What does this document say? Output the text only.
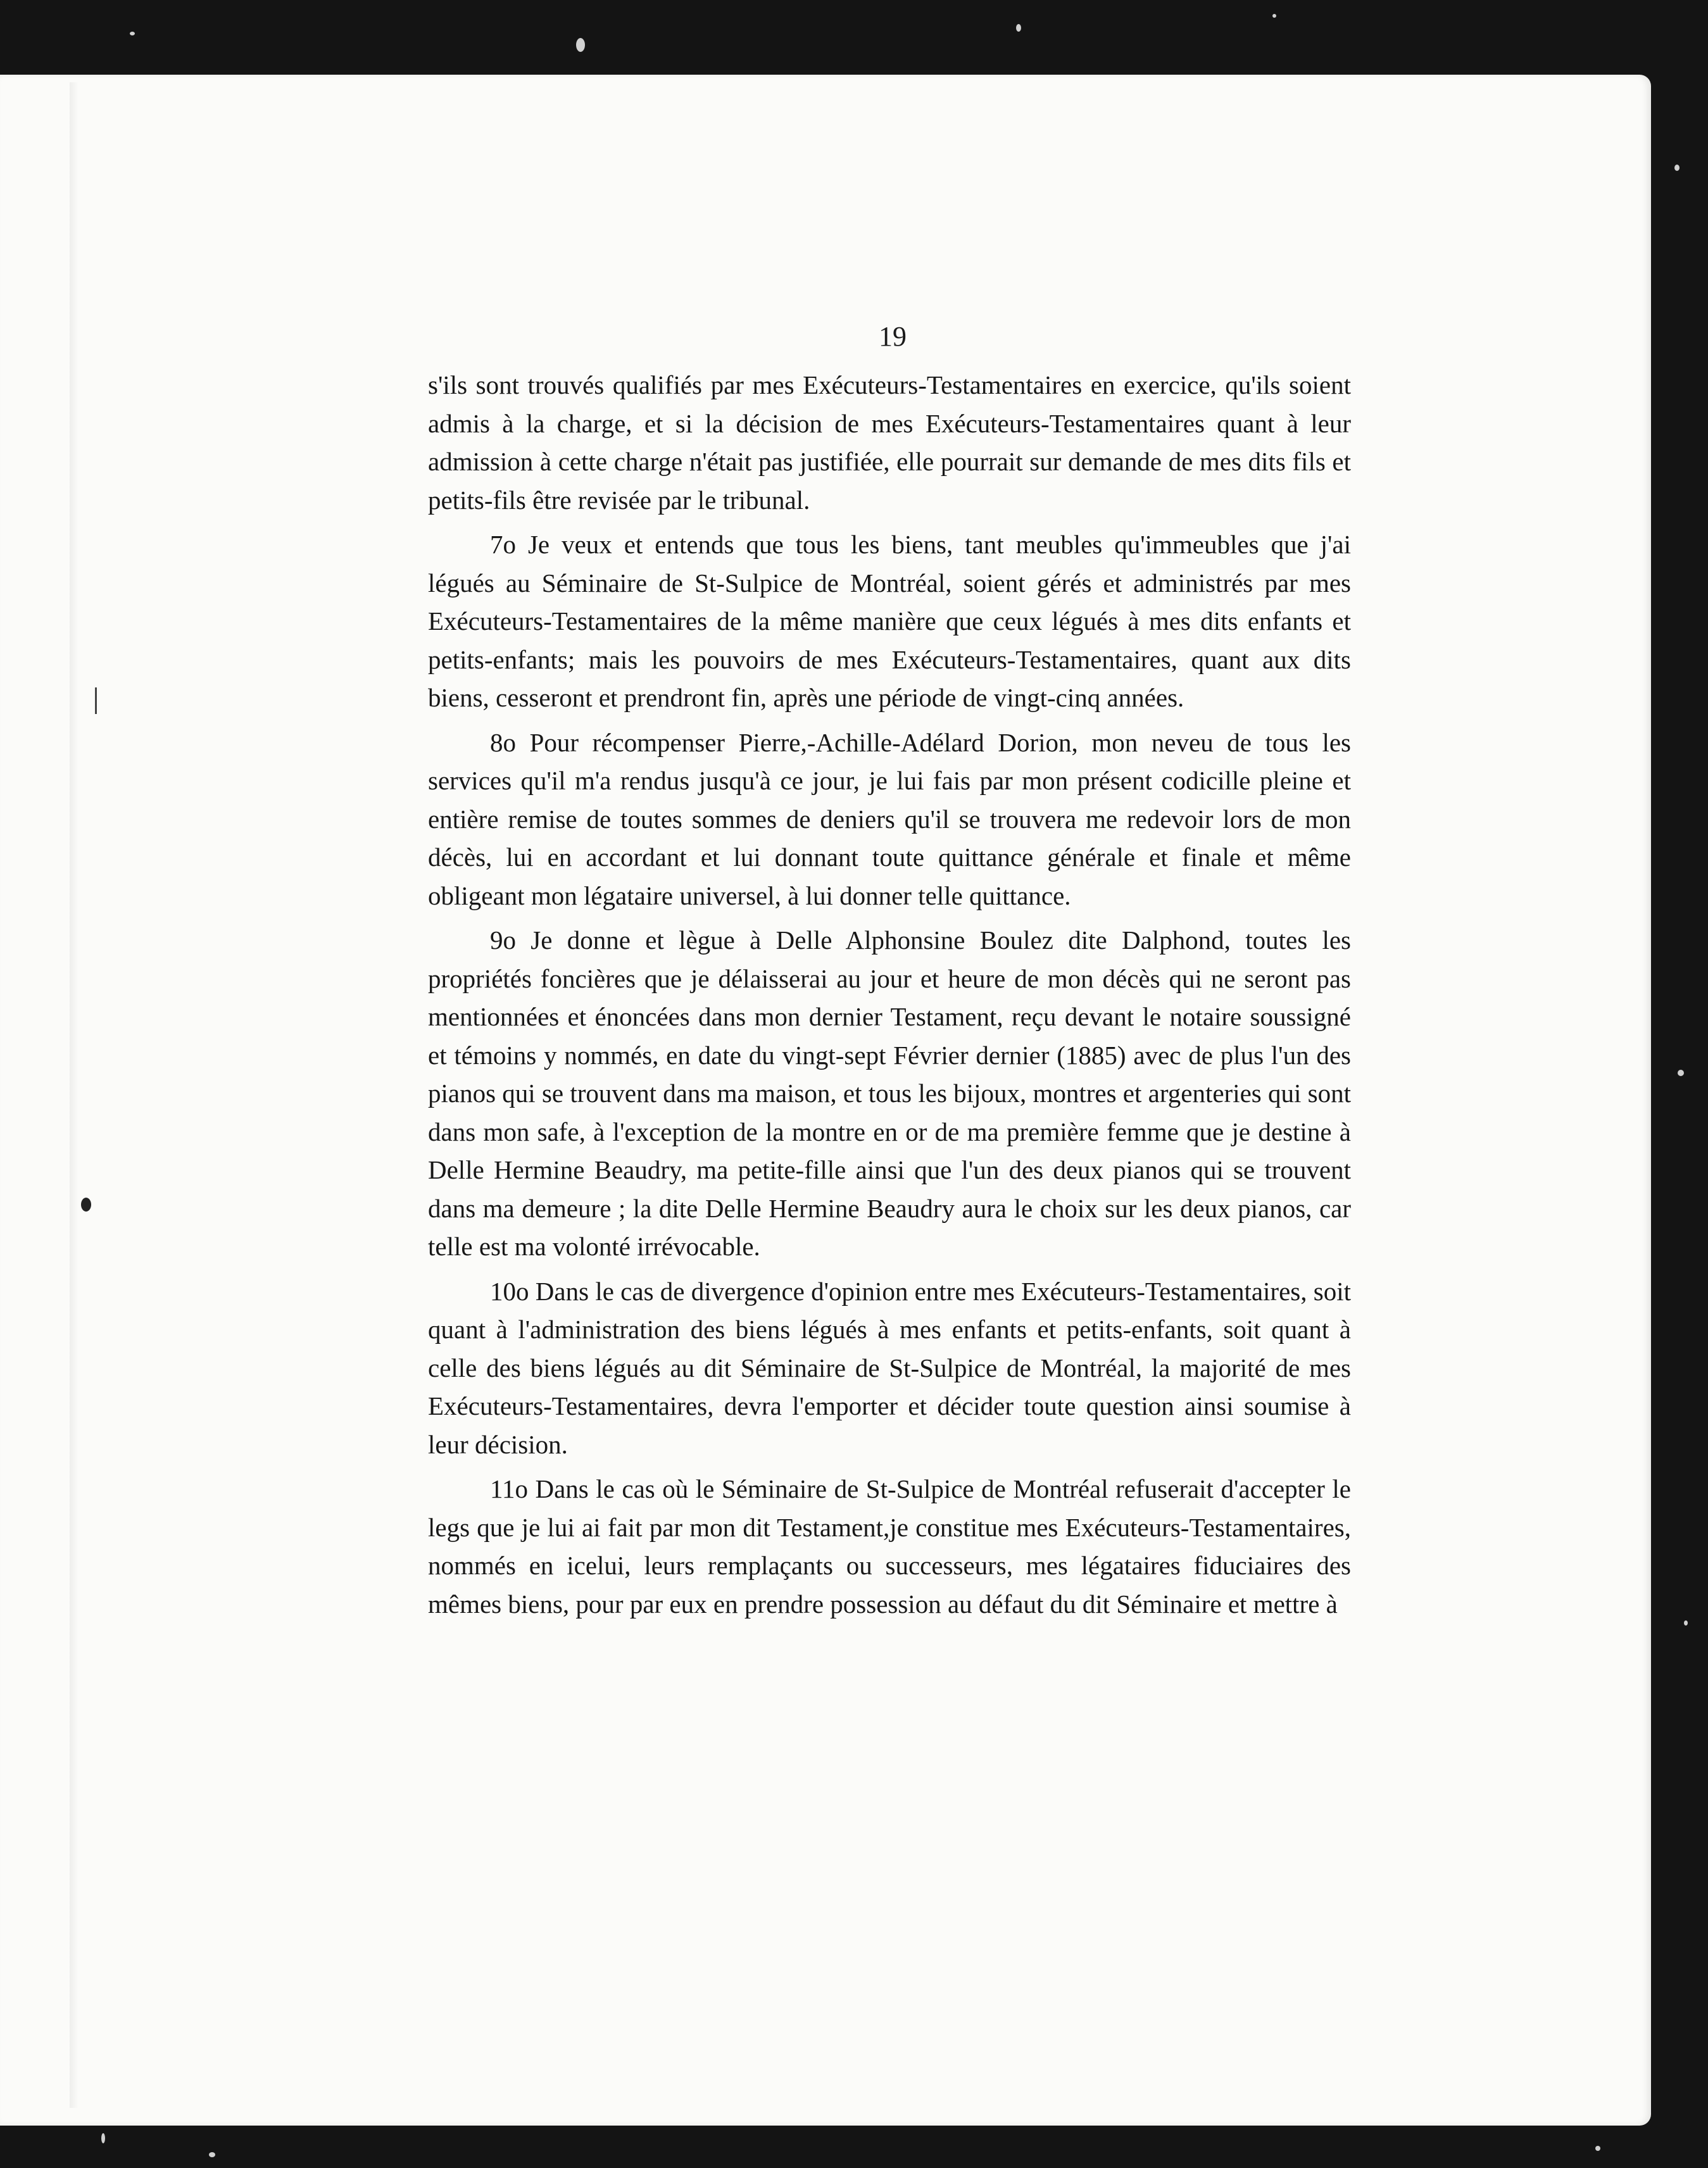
19

s'ils sont trouvés qualifiés par mes Exécuteurs-Testamentaires en exercice, qu'ils soient admis à la charge, et si la décision de mes Exécuteurs-Testamentaires quant à leur admission à cette charge n'était pas justifiée, elle pourrait sur demande de mes dits fils et petits-fils être revisée par le tribunal.

7o Je veux et entends que tous les biens, tant meubles qu'immeubles que j'ai légués au Séminaire de St-Sulpice de Montréal, soient gérés et administrés par mes Exécuteurs-Testamentaires de la même manière que ceux légués à mes dits enfants et petits-enfants; mais les pouvoirs de mes Exécuteurs-Testamentaires, quant aux dits biens, cesseront et prendront fin, après une période de vingt-cinq années.

8o Pour récompenser Pierre,-Achille-Adélard Dorion, mon neveu de tous les services qu'il m'a rendus jusqu'à ce jour, je lui fais par mon présent codicille pleine et entière remise de toutes sommes de deniers qu'il se trouvera me redevoir lors de mon décès, lui en accordant et lui donnant toute quittance générale et finale et même obligeant mon légataire universel, à lui donner telle quittance.

9o Je donne et lègue à Delle Alphonsine Boulez dite Dalphond, toutes les propriétés foncières que je délaisserai au jour et heure de mon décès qui ne seront pas mentionnées et énoncées dans mon dernier Testament, reçu devant le notaire soussigné et témoins y nommés, en date du vingt-sept Février dernier (1885) avec de plus l'un des pianos qui se trouvent dans ma maison, et tous les bijoux, montres et argenteries qui sont dans mon safe, à l'exception de la montre en or de ma première femme que je destine à Delle Hermine Beaudry, ma petite-fille ainsi que l'un des deux pianos qui se trouvent dans ma demeure ; la dite Delle Hermine Beaudry aura le choix sur les deux pianos, car telle est ma volonté irrévocable.

10o Dans le cas de divergence d'opinion entre mes Exécuteurs-Testamentaires, soit quant à l'administration des biens légués à mes enfants et petits-enfants, soit quant à celle des biens légués au dit Séminaire de St-Sulpice de Montréal, la majorité de mes Exécuteurs-Testamentaires, devra l'emporter et décider toute question ainsi soumise à leur décision.

11o Dans le cas où le Séminaire de St-Sulpice de Montréal refuserait d'accepter le legs que je lui ai fait par mon dit Testament,je constitue mes Exécuteurs-Testamentaires, nommés en icelui, leurs remplaçants ou successeurs, mes légataires fiduciaires des mêmes biens, pour par eux en prendre possession au défaut du dit Séminaire et mettre à
